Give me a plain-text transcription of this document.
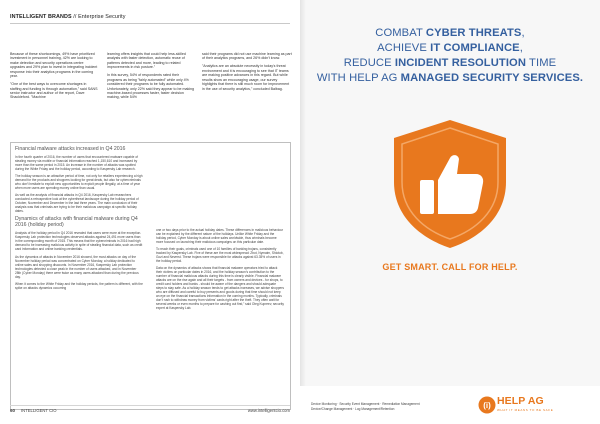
INTELLIGENT BRANDS // Enterprise Security

Because of these shortcomings, 49% have prioritized investment in personnel training, 42% are looking to make detection and security operations centre upgrades and 29% plan to invest in integrating incident response into their analytics programs in the coming year.

"One of the best ways to overcome shortages in staffing and funding is through automation," said SANS senior instructor and author of the report, Dave Shackleford. "Machine

learning offers insights that could help less-skilled analysts with faster detection, automatic reuse of patterns detected and more, leading to related improvements in risk posture."

In this survey, 54% of respondents rated their programs as being "fairly automated" while only 4% considered their programs to be fully automated. Unfortunately, only 22% said they appear to be making machine-based processes faster, faster decision making, while 54%

said their programs did not use machine learning as part of their analytics programs, and 26% didn't know.

"Analytics are an absolute necessity in today's threat environment and it is encouraging to see that IT teams are making positive advances in this regard. But while results show an encouraging usage, our survey highlights that there is still much room for improvement in the use of security analytics," concluded Balbag.

Financial malware attacks increased in Q4 2016

In the fourth quarter of 2016, the number of users that encountered malware capable of stealing money via mobile or financial information reached 1,150,610 and increased by more than the same period in 2015. An increase in the number of attacks was spotted during the White Friday and the holiday period, according to Kaspersky Lab research.

The holiday season is an attractive period of time, not only for retailers experiencing a high demand for the products and shoppers looking for great deals, but also for cybercriminals who don't hesitate to exploit new opportunities to exploit people illegally, at a time of year when more users are spending money online than usual.

As well as the analysis of financial attacks in Q4 2016, Kaspersky Lab researchers conducted a retrospective look at the cyberthreat landscape during the holiday period of October, November and December in the last three years. The main conclusion of their analysis was that criminals are trying to be their malicious campaign at specific holiday dates.

Dynamics of attacks with financial malware during Q4 2016 (holiday period)

Analysis of the holiday period in Q4 2016 revealed that users were more at the exception. Kaspersky Lab protection technologies observed attacks against 24,491 more users than in the corresponding month of 2015. This means that the cybercriminals in 2016 had high demand to be increasing malicious activity in spite of stealing financial data, such as credit card information and online banking credentials.

As the dynamics of attacks in November 2016 showed, the most attacks on day of the November holiday period was concentrated on Cyber Monday, a holiday dedicated to online sales and shopping discounts. In November 2016, Kaspersky Lab protection technologies detected a close peak in the number of users attacked, and in November 28th (Cyber Monday) there were twice as many users attacked than during the previous day.

When it comes to the White Friday and the holiday periods, the pattern is different, with the spike on attacks dynamics occurring

one or two days prior to the actual holiday dates. These differences in malicious behaviour can be explained by the different nature of the holidays. Unlike White Friday and the holiday period, Cyber Monday is about online sales worldwide, thus criminals become more focused on launching their malicious campaigns on this particular date.

To reach their goals, criminals used one of 10 families of banking trojans, consistently tracked by Kaspersky Lab. Five of these are the most widespread: Zbot, Nymaim, Shiotob, Gozi and Neverst. These trojans were responsible for attacks against 63.35% of users in the holiday period.

Data on the dynamics of attacks shows that financial malware operators tried to attack their victims on particular dates in 2016, and the holiday season's contribution to the number of financial malicious attacks during this time is clearly visible. Financial malware attacks are on the rise again and all their targets - from owners and devices - for shops, to credit card holders and banks - should be aware of the dangers and should adequate steps to stay safe. As a holiday season tends to get attacks increases, we advise shoppers who are diffused and careful to buy presents and goods during that time should not keep an eye on the financial transactions information in the coming months. Typically, criminals don't rush to withdraw money from victims' cards right after the theft. They often wait for several weeks or even months to prepare for cashing out first," said Oleg Kupreev, security expert at Kaspersky Lab.

60 INTELLIGENT CIO	www.intelligentcio.com
COMBAT CYBER THREATS,
ACHIEVE IT COMPLIANCE,
REDUCE INCIDENT RESOLUTION TIME
WITH HELP AG MANAGED SECURITY SERVICES.
GET SMART. CALL FOR HELP.
Device Monitoring · Security Event Management · Remediation Management
Device/Change Management · Log Management/Retention	(i) HELP AG
WHAT IT MEANS TO BE SAFE
